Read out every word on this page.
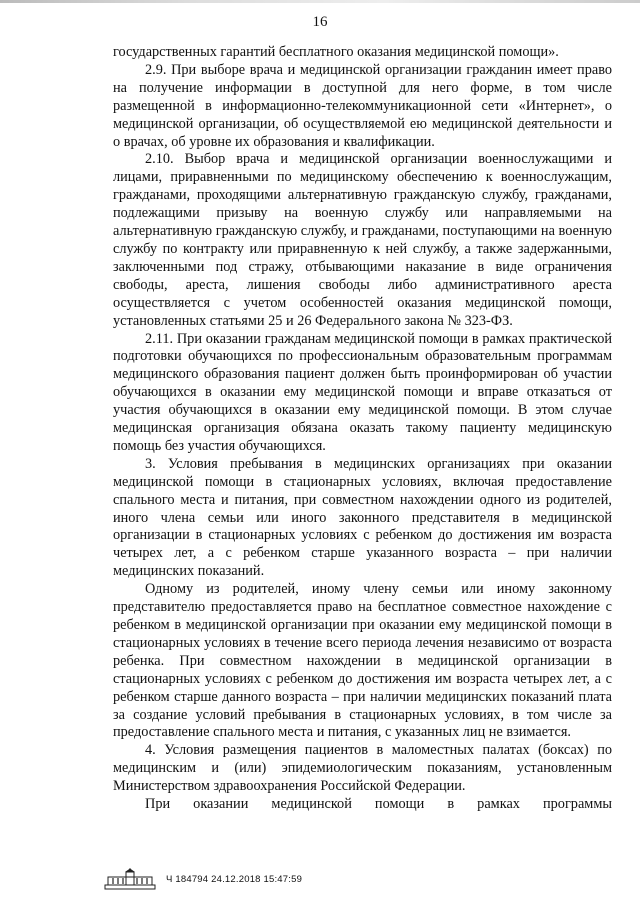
16

государственных гарантий бесплатного оказания медицинской помощи».

2.9. При выборе врача и медицинской организации гражданин имеет право на получение информации в доступной для него форме, в том числе размещенной в информационно-телекоммуникационной сети «Интернет», о медицинской организации, об осуществляемой ею медицинской деятельности и о врачах, об уровне их образования и квалификации.

2.10. Выбор врача и медицинской организации военнослужащими и лицами, приравненными по медицинскому обеспечению к военнослужащим, гражданами, проходящими альтернативную гражданскую службу, гражданами, подлежащими призыву на военную службу или направляемыми на альтернативную гражданскую службу, и гражданами, поступающими на военную службу по контракту или приравненную к ней службу, а также задержанными, заключенными под стражу, отбывающими наказание в виде ограничения свободы, ареста, лишения свободы либо административного ареста осуществляется с учетом особенностей оказания медицинской помощи, установленных статьями 25 и 26 Федерального закона № 323-ФЗ.

2.11. При оказании гражданам медицинской помощи в рамках практической подготовки обучающихся по профессиональным образовательным программам медицинского образования пациент должен быть проинформирован об участии обучающихся в оказании ему медицинской помощи и вправе отказаться от участия обучающихся в оказании ему медицинской помощи. В этом случае медицинская организация обязана оказать такому пациенту медицинскую помощь без участия обучающихся.

3. Условия пребывания в медицинских организациях при оказании медицинской помощи в стационарных условиях, включая предоставление спального места и питания, при совместном нахождении одного из родителей, иного члена семьи или иного законного представителя в медицинской организации в стационарных условиях с ребенком до достижения им возраста четырех лет, а с ребенком старше указанного возраста – при наличии медицинских показаний.

Одному из родителей, иному члену семьи или иному законному представителю предоставляется право на бесплатное совместное нахождение с ребенком в медицинской организации при оказании ему медицинской помощи в стационарных условиях в течение всего периода лечения независимо от возраста ребенка. При совместном нахождении в медицинской организации в стационарных условиях с ребенком до достижения им возраста четырех лет, а с ребенком старше данного возраста – при наличии медицинских показаний плата за создание условий пребывания в стационарных условиях, в том числе за предоставление спального места и питания, с указанных лиц не взимается.

4. Условия размещения пациентов в маломестных палатах (боксах) по медицинским и (или) эпидемиологическим показаниям, установленным Министерством здравоохранения Российской Федерации.

При оказании медицинской помощи в рамках программы

Ч 184794 24.12.2018 15:47:59
